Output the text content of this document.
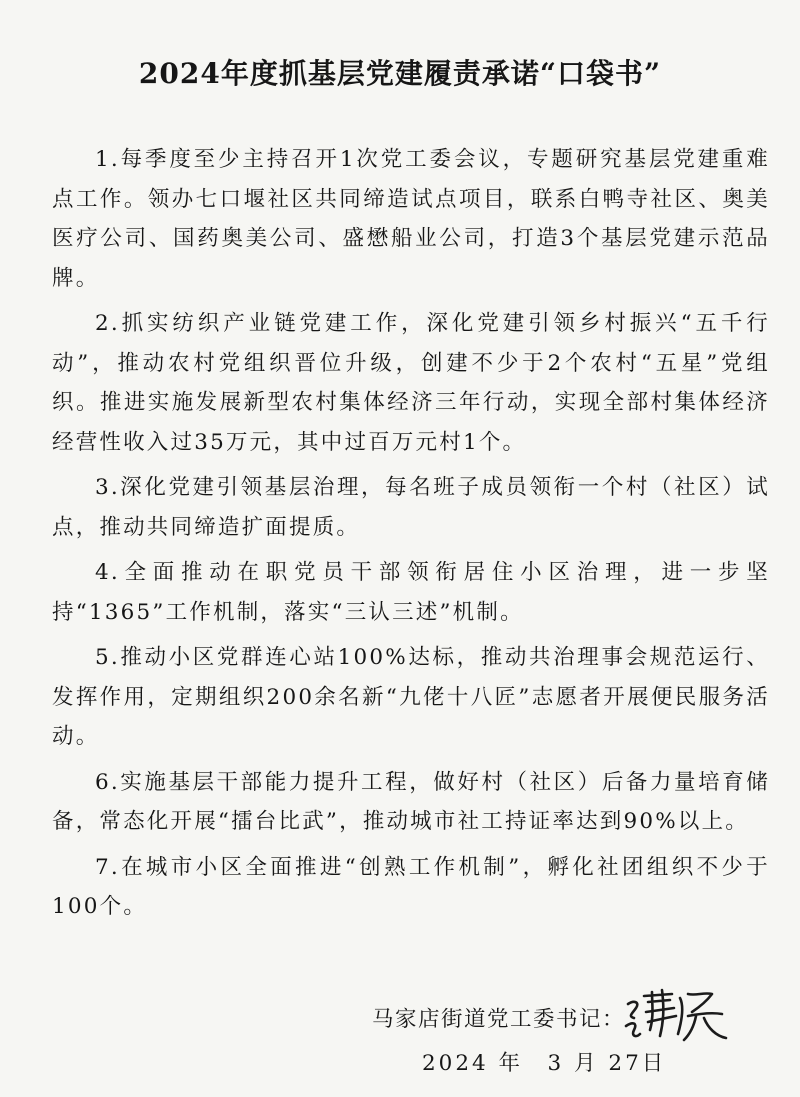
2024年度抓基层党建履责承诺“口袋书”

1.每季度至少主持召开1次党工委会议，专题研究基层党建重难点工作。领办七口堰社区共同缔造试点项目，联系白鸭寺社区、奥美医疗公司、国药奥美公司、盛懋船业公司，打造3个基层党建示范品牌。

2.抓实纺织产业链党建工作，深化党建引领乡村振兴“五千行动”，推动农村党组织晋位升级，创建不少于2个农村“五星”党组织。推进实施发展新型农村集体经济三年行动，实现全部村集体经济经营性收入过35万元，其中过百万元村1个。

3.深化党建引领基层治理，每名班子成员领衔一个村（社区）试点，推动共同缔造扩面提质。

4.全面推动在职党员干部领衔居住小区治理，进一步坚持“1365”工作机制，落实“三认三述”机制。

5.推动小区党群连心站100%达标，推动共治理事会规范运行、发挥作用，定期组织200余名新“九佬十八匠”志愿者开展便民服务活动。

6.实施基层干部能力提升工程，做好村（社区）后备力量培育储备，常态化开展“擂台比武”，推动城市社工持证率达到90%以上。

7.在城市小区全面推进“创熟工作机制”，孵化社团组织不少于100个。

马家店街道党工委书记：
2024 年　3 月 27日
